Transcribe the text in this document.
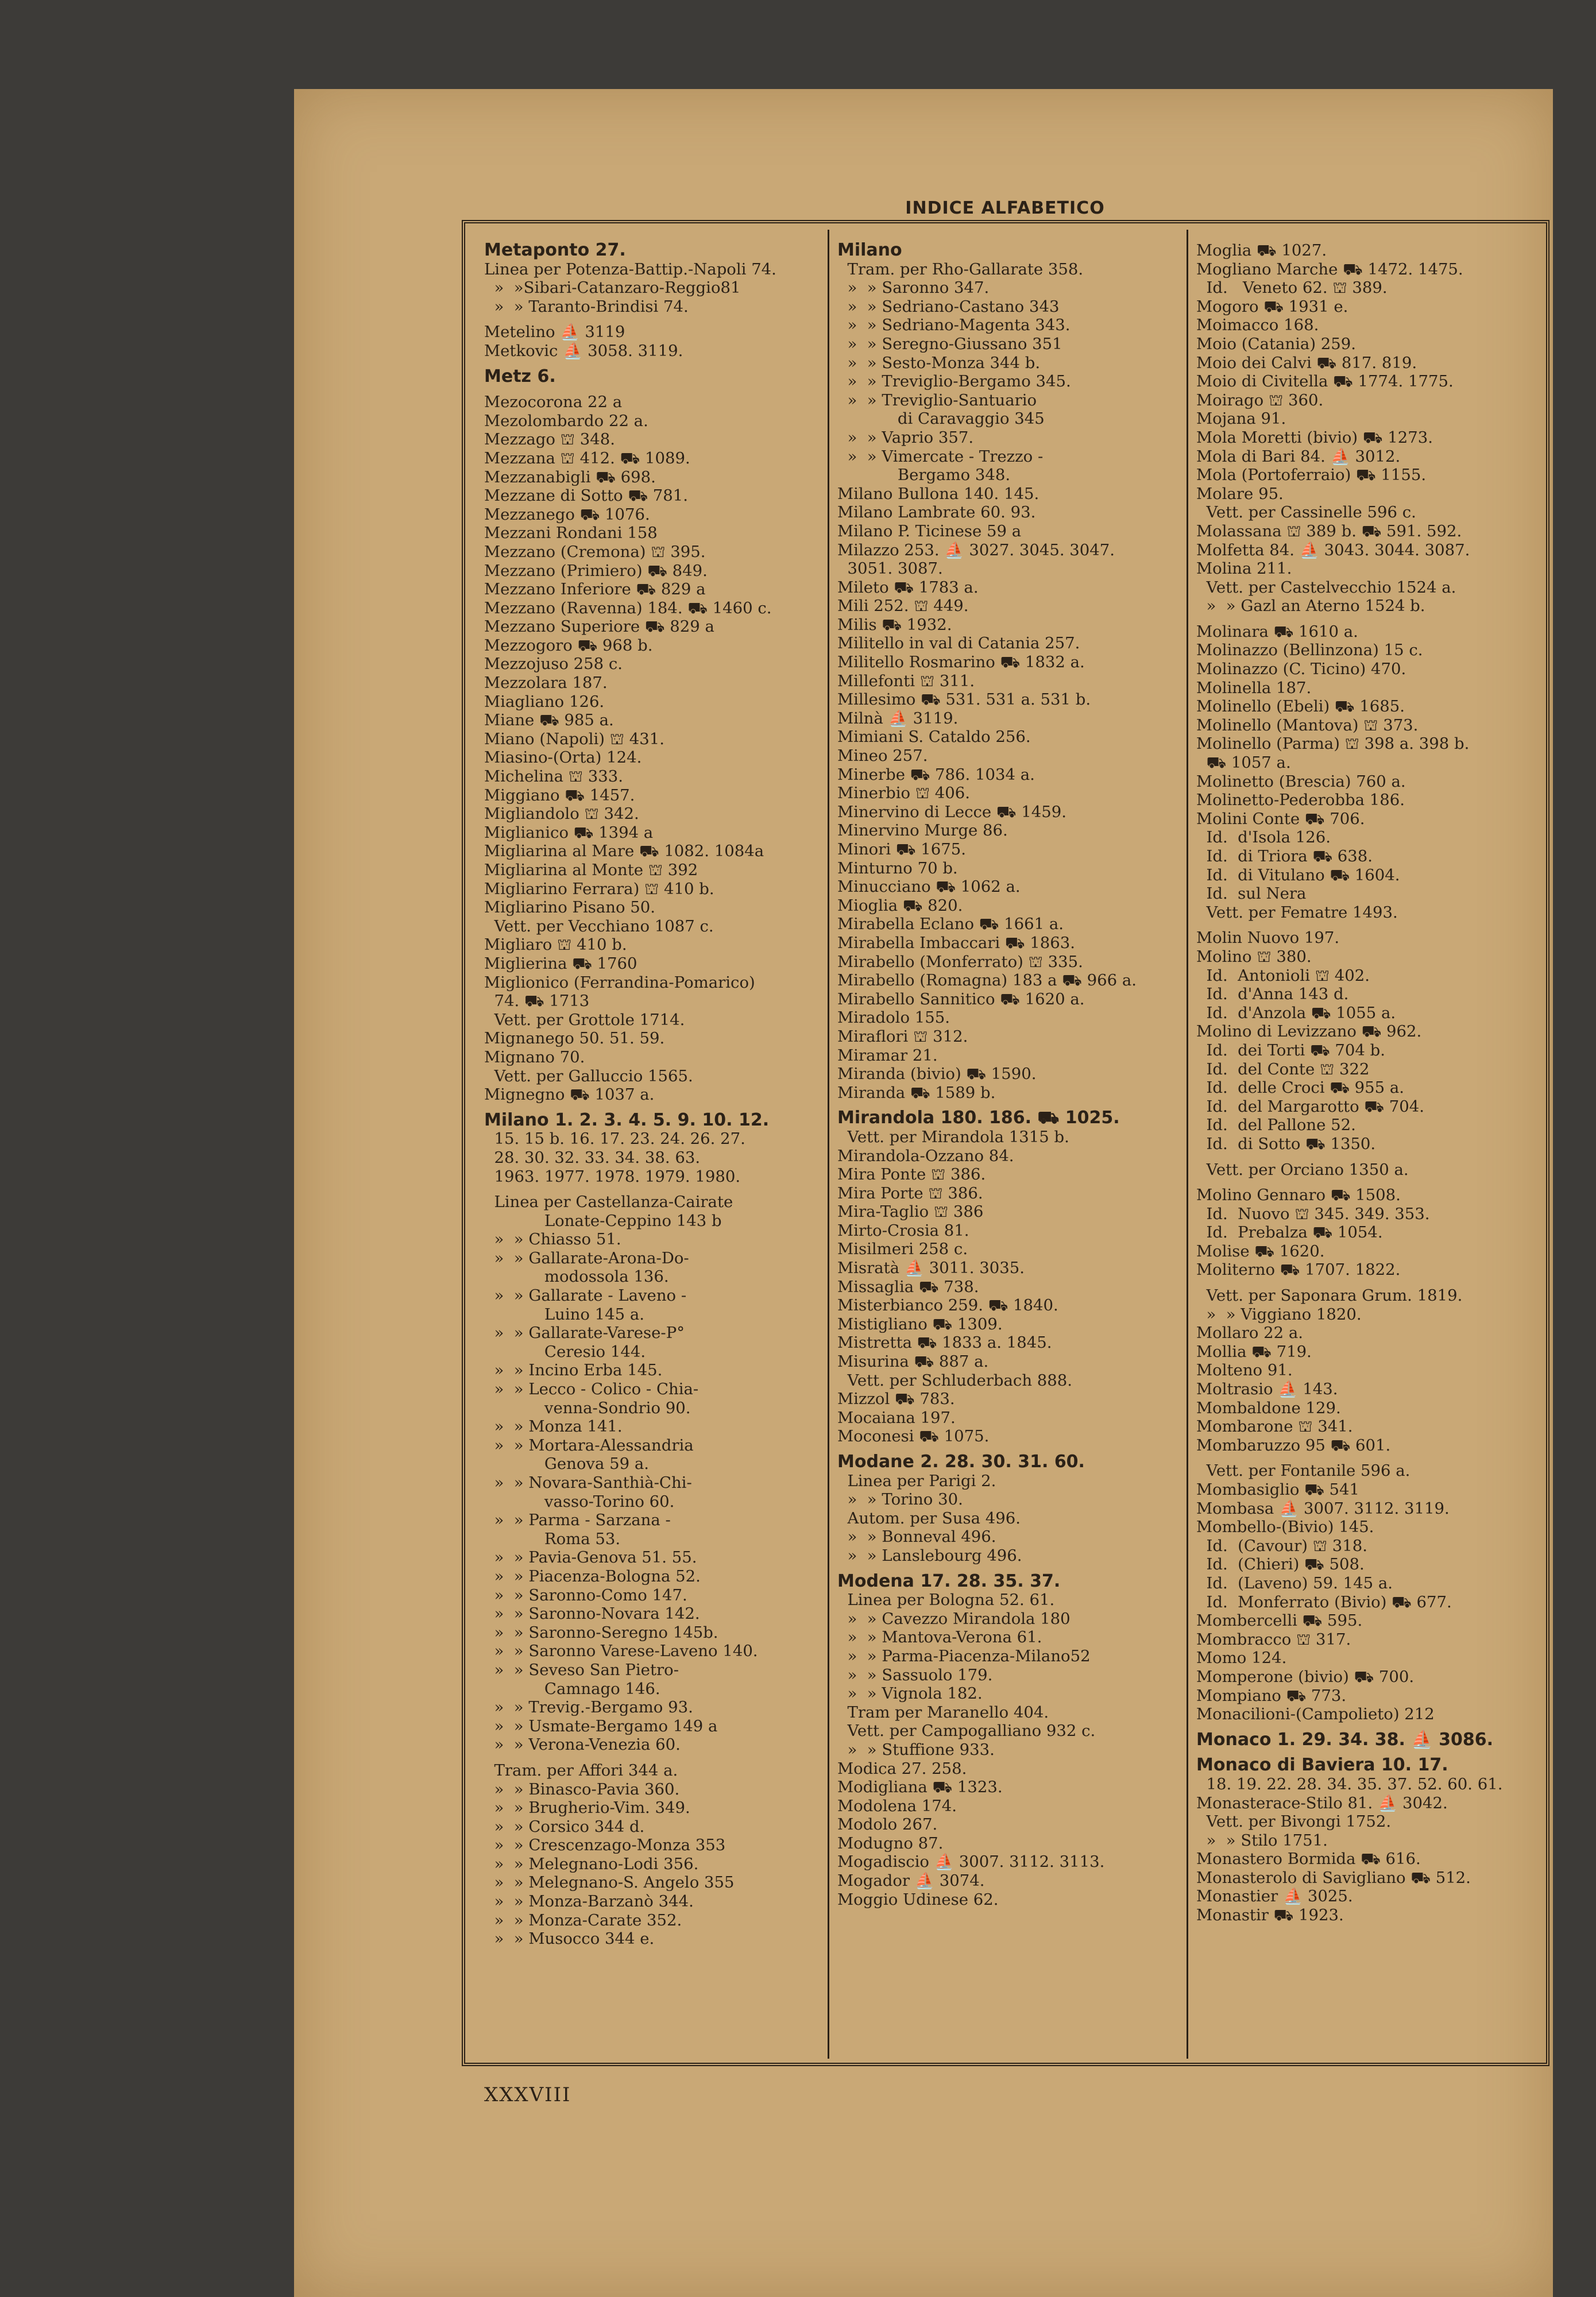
INDICE ALFABETICO
Metaponto 27.
Linea per Potenza-Battip.-Napoli 74.
»  »Sibari-Catanzaro-Reggio81
»  » Taranto-Brindisi 74.
Metelino ⛵ 3119
Metkovic ⛵ 3058. 3119.
Metz 6.
Mezocorona 22 a
Mezolombardo 22 a.
Mezzago ⛫ 348.
Mezzana ⛫ 412. ⛟ 1089.
Mezzanabigli ⛟ 698.
Mezzane di Sotto ⛟ 781.
Mezzanego ⛟ 1076.
Mezzani Rondani 158
Mezzano (Cremona) ⛫ 395.
Mezzano (Primiero) ⛟ 849.
Mezzano Inferiore ⛟ 829 a
Mezzano (Ravenna) 184. ⛟ 1460 c.
Mezzano Superiore ⛟ 829 a
Mezzogoro ⛟ 968 b.
Mezzojuso 258 c.
Mezzolara 187.
Miagliano 126.
Miane ⛟ 985 a.
Miano (Napoli) ⛫ 431.
Miasino-(Orta) 124.
Michelina ⛫ 333.
Miggiano ⛟ 1457.
Migliandolo ⛫ 342.
Miglianico ⛟ 1394 a
Migliarina al Mare ⛟ 1082. 1084a
Migliarina al Monte ⛫ 392
Migliarino Ferrara) ⛫ 410 b.
Migliarino Pisano 50.
Vett. per Vecchiano 1087 c.
Migliaro ⛫ 410 b.
Miglierina ⛟ 1760
Miglionico (Ferrandina-Pomarico)
74. ⛟ 1713
Vett. per Grottole 1714.
Mignanego 50. 51. 59.
Mignano 70.
Vett. per Galluccio 1565.
Mignegno ⛟ 1037 a.
Milano 1. 2. 3. 4. 5. 9. 10. 12.
15. 15 b. 16. 17. 23. 24. 26. 27.
28. 30. 32. 33. 34. 38. 63.
1963. 1977. 1978. 1979. 1980.
Linea per Castellanza-Cairate
Lonate-Ceppino 143 b
»  » Chiasso 51.
»  » Gallarate-Arona-Do-
modossola 136.
»  » Gallarate - Laveno -
Luino 145 a.
»  » Gallarate-Varese-P°
Ceresio 144.
»  » Incino Erba 145.
»  » Lecco - Colico - Chia-
venna-Sondrio 90.
»  » Monza 141.
»  » Mortara-Alessandria
Genova 59 a.
»  » Novara-Santhià-Chi-
vasso-Torino 60.
»  » Parma - Sarzana -
Roma 53.
»  » Pavia-Genova 51. 55.
»  » Piacenza-Bologna 52.
»  » Saronno-Como 147.
»  » Saronno-Novara 142.
»  » Saronno-Seregno 145b.
»  » Saronno Varese-Laveno 140.
»  » Seveso San Pietro-
Camnago 146.
»  » Trevig.-Bergamo 93.
»  » Usmate-Bergamo 149 a
»  » Verona-Venezia 60.
Tram. per Affori 344 a.
»  » Binasco-Pavia 360.
»  » Brugherio-Vim. 349.
»  » Corsico 344 d.
»  » Crescenzago-Monza 353
»  » Melegnano-Lodi 356.
»  » Melegnano-S. Angelo 355
»  » Monza-Barzanò 344.
»  » Monza-Carate 352.
»  » Musocco 344 e.
Milano
Tram. per Rho-Gallarate 358.
»  » Saronno 347.
»  » Sedriano-Castano 343
»  » Sedriano-Magenta 343.
»  » Seregno-Giussano 351
»  » Sesto-Monza 344 b.
»  » Treviglio-Bergamo 345.
»  » Treviglio-Santuario
di Caravaggio 345
»  » Vaprio 357.
»  » Vimercate - Trezzo -
Bergamo 348.
Milano Bullona 140. 145.
Milano Lambrate 60. 93.
Milano P. Ticinese 59 a
Milazzo 253. ⛵ 3027. 3045. 3047.
3051. 3087.
Mileto ⛟ 1783 a.
Mili 252. ⛫ 449.
Milis ⛟ 1932.
Militello in val di Catania 257.
Militello Rosmarino ⛟ 1832 a.
Millefonti ⛫ 311.
Millesimo ⛟ 531. 531 a. 531 b.
Milnà ⛵ 3119.
Mimiani S. Cataldo 256.
Mineo 257.
Minerbe ⛟ 786. 1034 a.
Minerbio ⛫ 406.
Minervino di Lecce ⛟ 1459.
Minervino Murge 86.
Minori ⛟ 1675.
Minturno 70 b.
Minucciano ⛟ 1062 a.
Mioglia ⛟ 820.
Mirabella Eclano ⛟ 1661 a.
Mirabella Imbaccari ⛟ 1863.
Mirabello (Monferrato) ⛫ 335.
Mirabello (Romagna) 183 a ⛟ 966 a.
Mirabello Sannitico ⛟ 1620 a.
Miradolo 155.
Miraflori ⛫ 312.
Miramar 21.
Miranda (bivio) ⛟ 1590.
Miranda ⛟ 1589 b.
Mirandola 180. 186. ⛟ 1025.
Vett. per Mirandola 1315 b.
Mirandola-Ozzano 84.
Mira Ponte ⛫ 386.
Mira Porte ⛫ 386.
Mira-Taglio ⛫ 386
Mirto-Crosia 81.
Misilmeri 258 c.
Misratà ⛵ 3011. 3035.
Missaglia ⛟ 738.
Misterbianco 259. ⛟ 1840.
Mistigliano ⛟ 1309.
Mistretta ⛟ 1833 a. 1845.
Misurina ⛟ 887 a.
Vett. per Schluderbach 888.
Mizzol ⛟ 783.
Mocaiana 197.
Moconesi ⛟ 1075.
Modane 2. 28. 30. 31. 60.
Linea per Parigi 2.
»  » Torino 30.
Autom. per Susa 496.
»  » Bonneval 496.
»  » Lanslebourg 496.
Modena 17. 28. 35. 37.
Linea per Bologna 52. 61.
»  » Cavezzo Mirandola 180
»  » Mantova-Verona 61.
»  » Parma-Piacenza-Milano52
»  » Sassuolo 179.
»  » Vignola 182.
Tram per Maranello 404.
Vett. per Campogalliano 932 c.
»  » Stuffione 933.
Modica 27. 258.
Modigliana ⛟ 1323.
Modolena 174.
Modolo 267.
Modugno 87.
Mogadiscio ⛵ 3007. 3112. 3113.
Mogador ⛵ 3074.
Moggio Udinese 62.
Moglia ⛟ 1027.
Mogliano Marche ⛟ 1472. 1475.
Id.   Veneto 62. ⛫ 389.
Mogoro ⛟ 1931 e.
Moimacco 168.
Moio (Catania) 259.
Moio dei Calvi ⛟ 817. 819.
Moio di Civitella ⛟ 1774. 1775.
Moirago ⛫ 360.
Mojana 91.
Mola Moretti (bivio) ⛟ 1273.
Mola di Bari 84. ⛵ 3012.
Mola (Portoferraio) ⛟ 1155.
Molare 95.
Vett. per Cassinelle 596 c.
Molassana ⛫ 389 b. ⛟ 591. 592.
Molfetta 84. ⛵ 3043. 3044. 3087.
Molina 211.
Vett. per Castelvecchio 1524 a.
»  » Gazl an Aterno 1524 b.
Molinara ⛟ 1610 a.
Molinazzo (Bellinzona) 15 c.
Molinazzo (C. Ticino) 470.
Molinella 187.
Molinello (Ebeli) ⛟ 1685.
Molinello (Mantova) ⛫ 373.
Molinello (Parma) ⛫ 398 a. 398 b.
⛟ 1057 a.
Molinetto (Brescia) 760 a.
Molinetto-Pederobba 186.
Molini Conte ⛟ 706.
Id.  d'Isola 126.
Id.  di Triora ⛟ 638.
Id.  di Vitulano ⛟ 1604.
Id.  sul Nera
Vett. per Fematre 1493.
Molin Nuovo 197.
Molino ⛫ 380.
Id.  Antonioli ⛫ 402.
Id.  d'Anna 143 d.
Id.  d'Anzola ⛟ 1055 a.
Molino di Levizzano ⛟ 962.
Id.  dei Torti ⛟ 704 b.
Id.  del Conte ⛫ 322
Id.  delle Croci ⛟ 955 a.
Id.  del Margarotto ⛟ 704.
Id.  del Pallone 52.
Id.  di Sotto ⛟ 1350.
Vett. per Orciano 1350 a.
Molino Gennaro ⛟ 1508.
Id.  Nuovo ⛫ 345. 349. 353.
Id.  Prebalza ⛟ 1054.
Molise ⛟ 1620.
Moliterno ⛟ 1707. 1822.
Vett. per Saponara Grum. 1819.
»  » Viggiano 1820.
Mollaro 22 a.
Mollia ⛟ 719.
Molteno 91.
Moltrasio ⛵ 143.
Mombaldone 129.
Mombarone ⛫ 341.
Mombaruzzo 95 ⛟ 601.
Vett. per Fontanile 596 a.
Mombasiglio ⛟ 541
Mombasa ⛵ 3007. 3112. 3119.
Mombello-(Bivio) 145.
Id.  (Cavour) ⛫ 318.
Id.  (Chieri) ⛟ 508.
Id.  (Laveno) 59. 145 a.
Id.  Monferrato (Bivio) ⛟ 677.
Mombercelli ⛟ 595.
Mombracco ⛫ 317.
Momo 124.
Momperone (bivio) ⛟ 700.
Mompiano ⛟ 773.
Monacilioni-(Campolieto) 212
Monaco 1. 29. 34. 38. ⛵ 3086.
Monaco di Baviera 10. 17.
18. 19. 22. 28. 34. 35. 37. 52. 60. 61.
Monasterace-Stilo 81. ⛵ 3042.
Vett. per Bivongi 1752.
»  » Stilo 1751.
Monastero Bormida ⛟ 616.
Monasterolo di Savigliano ⛟ 512.
Monastier ⛵ 3025.
Monastir ⛟ 1923.
XXXVIII
